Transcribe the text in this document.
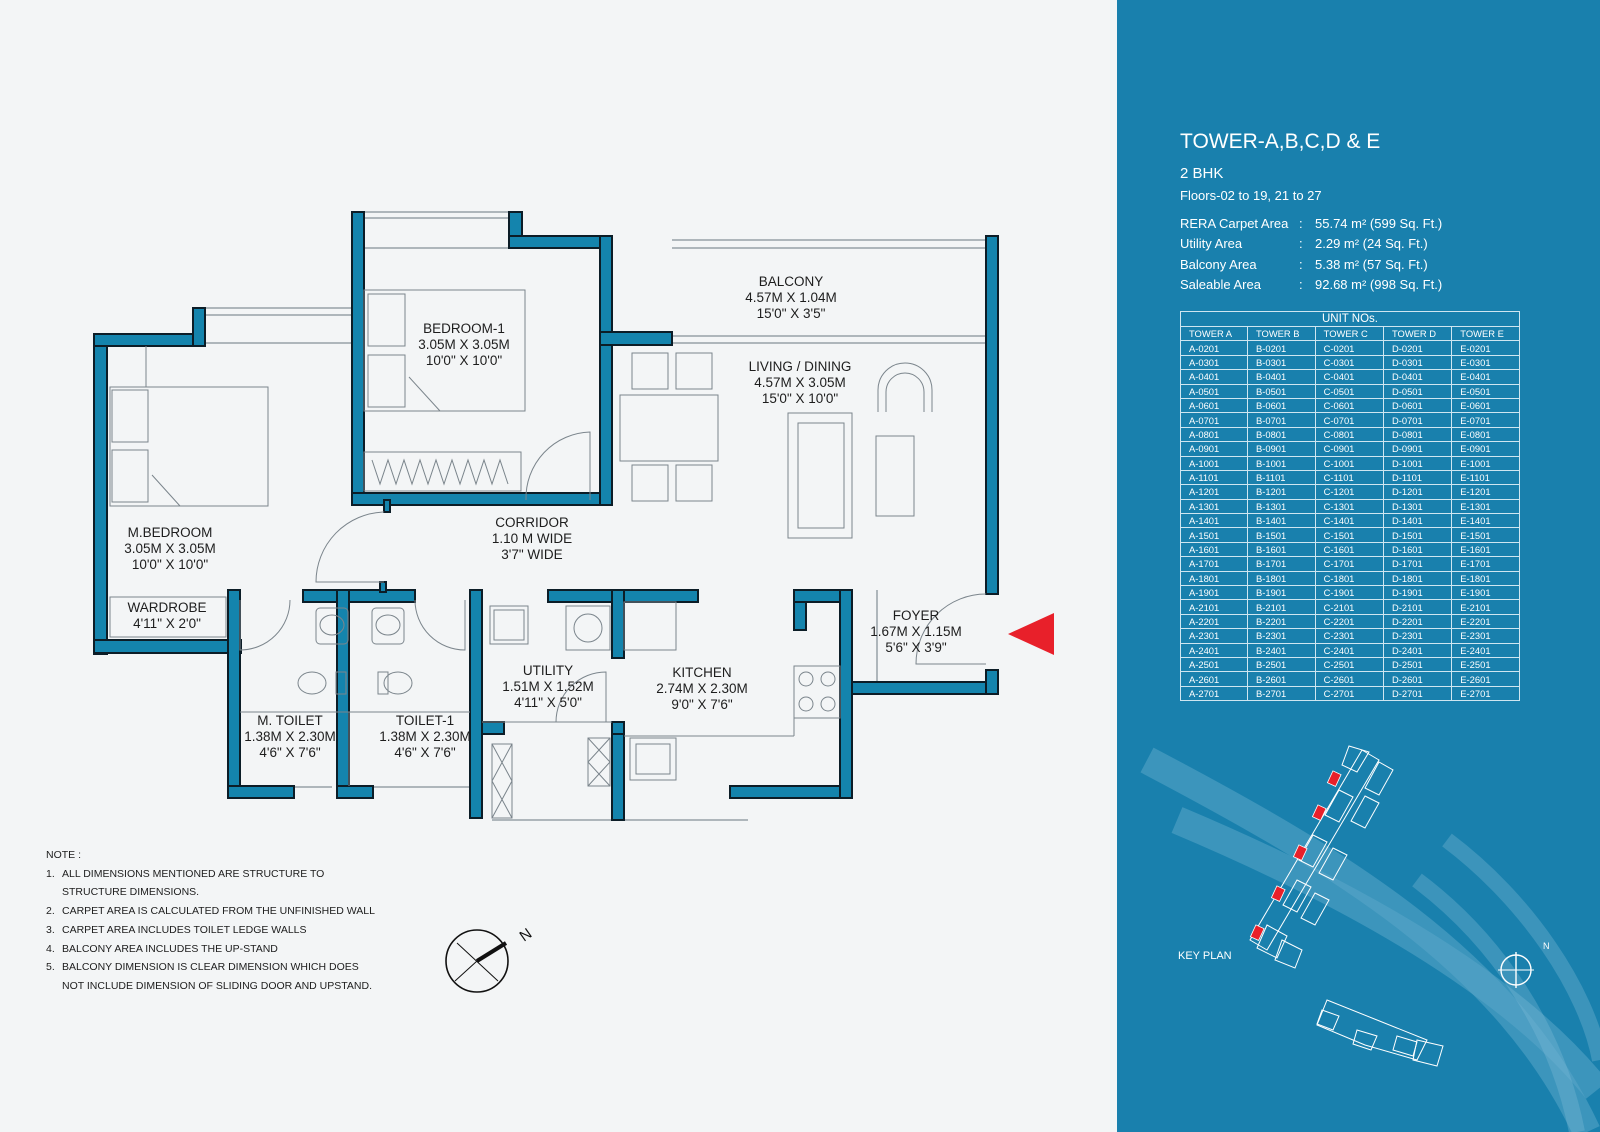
N
BALCONY
4.57M X 1.04M
15'0" X 3'5"
BEDROOM-1
3.05M X 3.05M
10'0" X 10'0"	LIVING / DINING
4.57M X 3.05M
15'0" X 10'0"
M.BEDROOM
3.05M X 3.05M
10'0" X 10'0"
CORRIDOR
1.10 M WIDE
3'7" WIDE
WARDROBE
4'11" X 2'0"
FOYER
1.67M X 1.15M
5'6" X 3'9"
UTILITY
1.51M X 1.52M
4'11" X 5'0"
KITCHEN
2.74M X 2.30M
9'0" X 7'6"
M. TOILET
1.38M X 2.30M
4'6" X 7'6"
TOILET-1
1.38M X 2.30M
4'6" X 7'6"
NOTE :
1. ALL DIMENSIONS MENTIONED ARE STRUCTURE TO
STRUCTURE DIMENSIONS.
2. CARPET AREA IS CALCULATED FROM THE UNFINISHED WALL
3. CARPET AREA INCLUDES TOILET LEDGE WALLS
4. BALCONY AREA INCLUDES THE UP-STAND
5. BALCONY DIMENSION IS CLEAR DIMENSION WHICH DOES
NOT INCLUDE DIMENSION OF SLIDING DOOR AND UPSTAND.
TOWER-A,B,C,D & E
2 BHK
Floors-02 to 19, 21 to 27
RERA Carpet Area	:	55.74 m² (599 Sq. Ft.)
Utility Area	:	2.29 m² (24 Sq. Ft.)
Balcony Area	:	5.38 m² (57 Sq. Ft.)
Saleable Area	:	92.68 m² (998 Sq. Ft.)
UNIT NOs.				
TOWER A	TOWER B	TOWER C	TOWER D	TOWER E
A-0201	B-0201	C-0201	D-0201	E-0201
A-0301	B-0301	C-0301	D-0301	E-0301
A-0401	B-0401	C-0401	D-0401	E-0401
A-0501	B-0501	C-0501	D-0501	E-0501
A-0601	B-0601	C-0601	D-0601	E-0601
A-0701	B-0701	C-0701	D-0701	E-0701
A-0801	B-0801	C-0801	D-0801	E-0801
A-0901	B-0901	C-0901	D-0901	E-0901
A-1001	B-1001	C-1001	D-1001	E-1001
A-1101	B-1101	C-1101	D-1101	E-1101
A-1201	B-1201	C-1201	D-1201	E-1201
A-1301	B-1301	C-1301	D-1301	E-1301
A-1401	B-1401	C-1401	D-1401	E-1401
A-1501	B-1501	C-1501	D-1501	E-1501
A-1601	B-1601	C-1601	D-1601	E-1601
A-1701	B-1701	C-1701	D-1701	E-1701
A-1801	B-1801	C-1801	D-1801	E-1801
A-1901	B-1901	C-1901	D-1901	E-1901
A-2101	B-2101	C-2101	D-2101	E-2101
A-2201	B-2201	C-2201	D-2201	E-2201
A-2301	B-2301	C-2301	D-2301	E-2301
A-2401	B-2401	C-2401	D-2401	E-2401
A-2501	B-2501	C-2501	D-2501	E-2501
A-2601	B-2601	C-2601	D-2601	E-2601
A-2701	B-2701	C-2701	D-2701	E-2701
KEY PLAN
N
